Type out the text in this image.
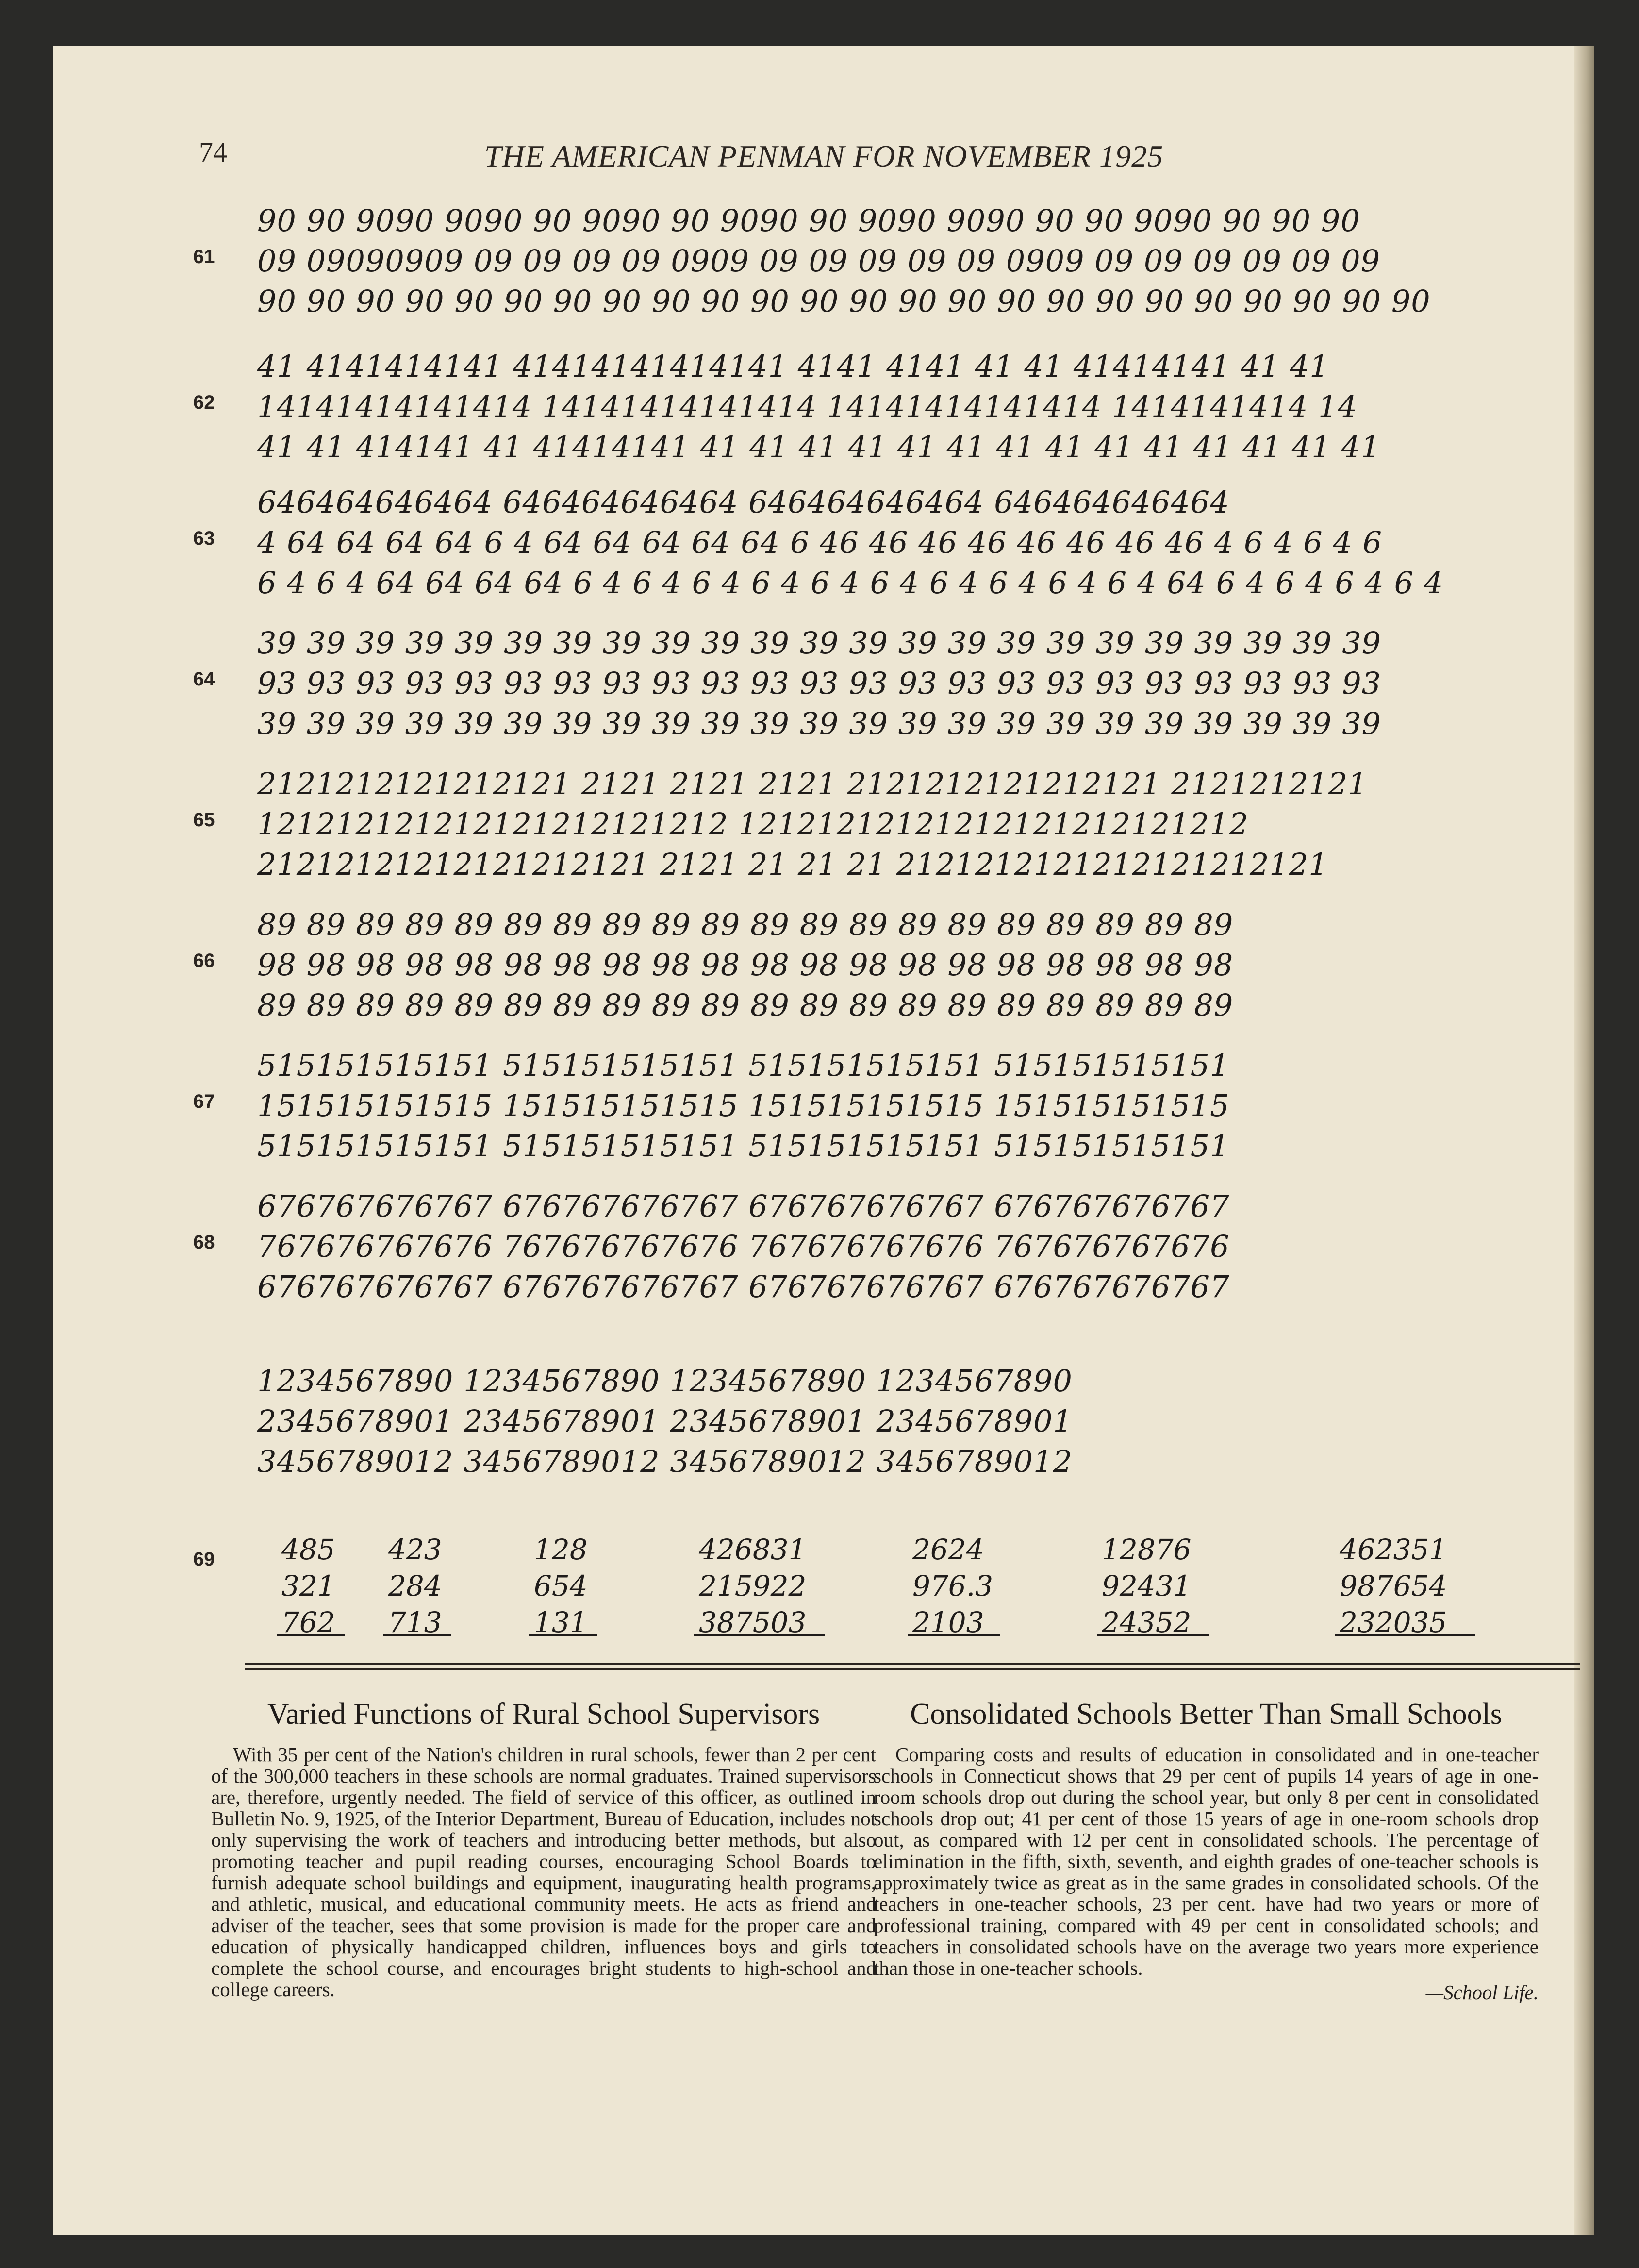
74	THE AMERICAN PENMAN FOR NOVEMBER 1925
61
90 90 9090 9090 90 9090 90 9090 90 9090 9090 90 90 9090 90 90 90
09 09090909 09 09 09 09 0909 09 09 09 09 09 0909 09 09 09 09 09 09
90 90 90 90 90 90 90 90 90 90 90 90 90 90 90 90 90 90 90 90 90 90 90 90
62
41 4141414141 41414141414141 4141 4141 41 41 41414141 41 41
14141414141414 14141414141414 14141414141414 1414141414 14
41 41 414141 41 41414141 41 41 41 41 41 41 41 41 41 41 41 41 41 41
63
646464646464 646464646464 646464646464 646464646464
4 64 64 64 64 6 4 64 64 64 64 64 6 46 46 46 46 46 46 46 46 4 6 4 6 4 6
6 4 6 4 64 64 64 64 6 4 6 4 6 4 6 4 6 4 6 4 6 4 6 4 6 4 6 4 64 6 4 6 4 6 4 6 4
64
39 39 39 39 39 39 39 39 39 39 39 39 39 39 39 39 39 39 39 39 39 39 39
93 93 93 93 93 93 93 93 93 93 93 93 93 93 93 93 93 93 93 93 93 93 93
39 39 39 39 39 39 39 39 39 39 39 39 39 39 39 39 39 39 39 39 39 39 39
65
2121212121212121 2121 2121 2121 2121212121212121 2121212121
121212121212121212121212 12121212121212121212121212
21212121212121212121 2121 21 21 21 2121212121212121212121
66
89 89 89 89 89 89 89 89 89 89 89 89 89 89 89 89 89 89 89 89
98 98 98 98 98 98 98 98 98 98 98 98 98 98 98 98 98 98 98 98
89 89 89 89 89 89 89 89 89 89 89 89 89 89 89 89 89 89 89 89
67
515151515151 515151515151 515151515151 515151515151
151515151515 151515151515 151515151515 151515151515
515151515151 515151515151 515151515151 515151515151
68
676767676767 676767676767 676767676767 676767676767
767676767676 767676767676 767676767676 767676767676
676767676767 676767676767 676767676767 676767676767
1234567890 1234567890 1234567890 1234567890
2345678901 2345678901 2345678901 2345678901
3456789012 3456789012 3456789012 3456789012
69 485
321
762
423
284
713
128
654
131
426831
215922
387503
2624
976.3
2103
12876
92431
24352
462351
987654
232035
Varied Functions of Rural School Supervisors

With 35 per cent of the Nation's children in rural schools, fewer than 2 per cent of the 300,000 teachers in these schools are normal graduates. Trained supervisors are, therefore, urgently needed. The field of service of this officer, as outlined in Bulletin No. 9, 1925, of the Interior Department, Bureau of Education, includes not only supervising the work of teachers and introducing better methods, but also promoting teacher and pupil reading courses, encouraging School Boards to furnish adequate school buildings and equipment, inaugurating health programs, and athletic, musical, and educational community meets. He acts as friend and adviser of the teacher, sees that some provision is made for the proper care and education of physically handicapped children, influences boys and girls to complete the school course, and encourages bright students to high-school and college careers.

Consolidated Schools Better Than Small Schools

Comparing costs and results of education in consolidated and in one-teacher schools in Connecticut shows that 29 per cent of pupils 14 years of age in one-room schools drop out during the school year, but only 8 per cent in consolidated schools drop out; 41 per cent of those 15 years of age in one-room schools drop out, as compared with 12 per cent in consolidated schools. The percentage of elimination in the fifth, sixth, seventh, and eighth grades of one-teacher schools is approximately twice as great as in the same grades in consolidated schools. Of the teachers in one-teacher schools, 23 per cent. have had two years or more of professional training, compared with 49 per cent in consolidated schools; and teachers in consolidated schools have on the average two years more experience than those in one-teacher schools.

—School Life.
